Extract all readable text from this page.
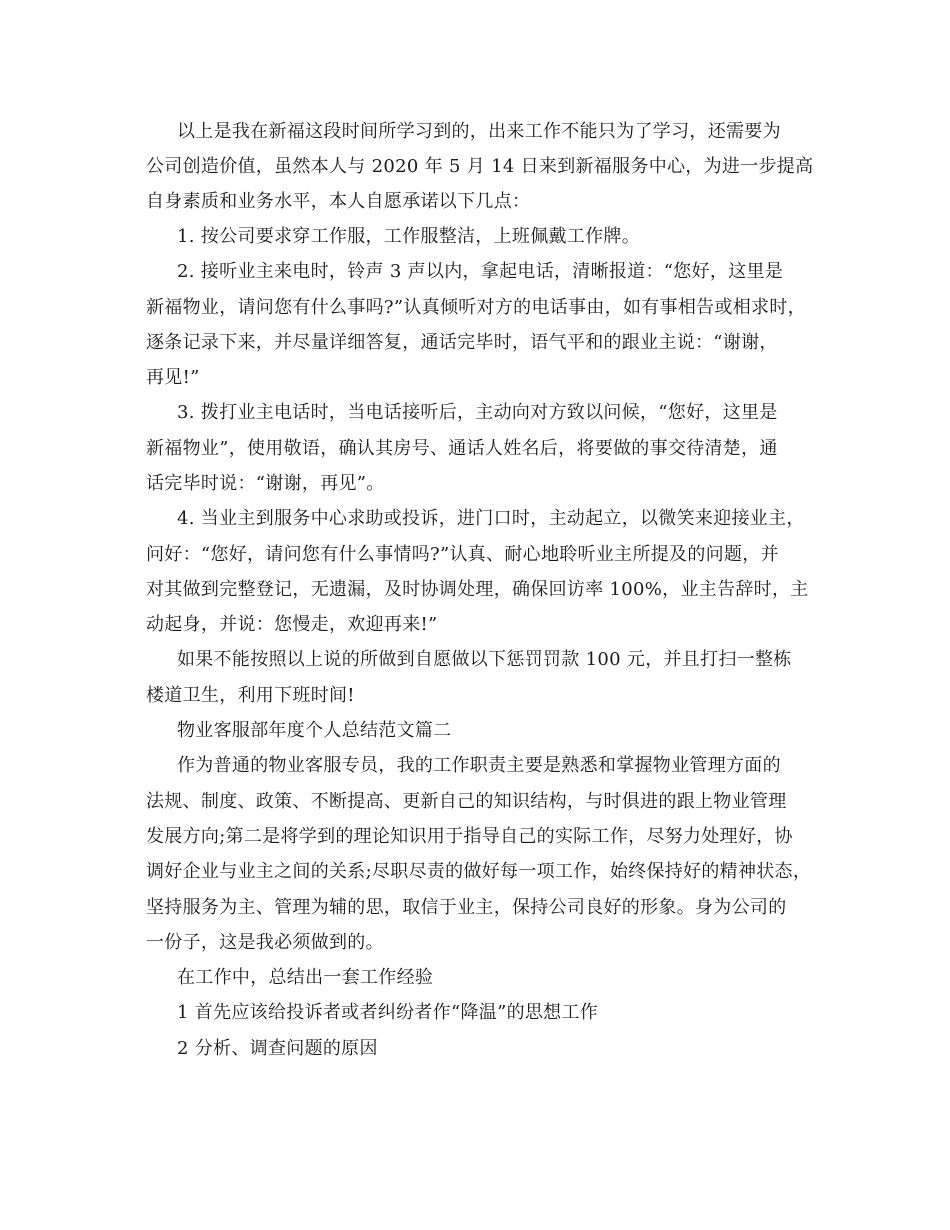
以上是我在新福这段时间所学习到的，出来工作不能只为了学习，还需要为
公司创造价值，虽然本人与 2020 年 5 月 14 日来到新福服务中心，为进一步提高
自身素质和业务水平，本人自愿承诺以下几点：
1. 按公司要求穿工作服，工作服整洁，上班佩戴工作牌。
2. 接听业主来电时，铃声 3 声以内，拿起电话，清晰报道：“您好，这里是
新福物业，请问您有什么事吗?”认真倾听对方的电话事由，如有事相告或相求时，
逐条记录下来，并尽量详细答复，通话完毕时，语气平和的跟业主说：“谢谢，
再见!”
3. 拨打业主电话时，当电话接听后，主动向对方致以问候，“您好，这里是
新福物业”，使用敬语，确认其房号、通话人姓名后，将要做的事交待清楚，通
话完毕时说：“谢谢，再见”。
4. 当业主到服务中心求助或投诉，进门口时，主动起立，以微笑来迎接业主，
问好：“您好，请问您有什么事情吗?”认真、耐心地聆听业主所提及的问题，并
对其做到完整登记，无遗漏，及时协调处理，确保回访率 100%，业主告辞时，主
动起身，并说：您慢走，欢迎再来!”
如果不能按照以上说的所做到自愿做以下惩罚罚款 100 元，并且打扫一整栋
楼道卫生，利用下班时间!
物业客服部年度个人总结范文篇二
作为普通的物业客服专员，我的工作职责主要是熟悉和掌握物业管理方面的
法规、制度、政策、不断提高、更新自己的知识结构，与时俱进的跟上物业管理
发展方向;第二是将学到的理论知识用于指导自己的实际工作，尽努力处理好，协
调好企业与业主之间的关系;尽职尽责的做好每一项工作，始终保持好的精神状态，
坚持服务为主、管理为辅的思，取信于业主，保持公司良好的形象。身为公司的
一份子，这是我必须做到的。
在工作中，总结出一套工作经验
1 首先应该给投诉者或者纠纷者作“降温”的思想工作
2 分析、调查问题的原因
